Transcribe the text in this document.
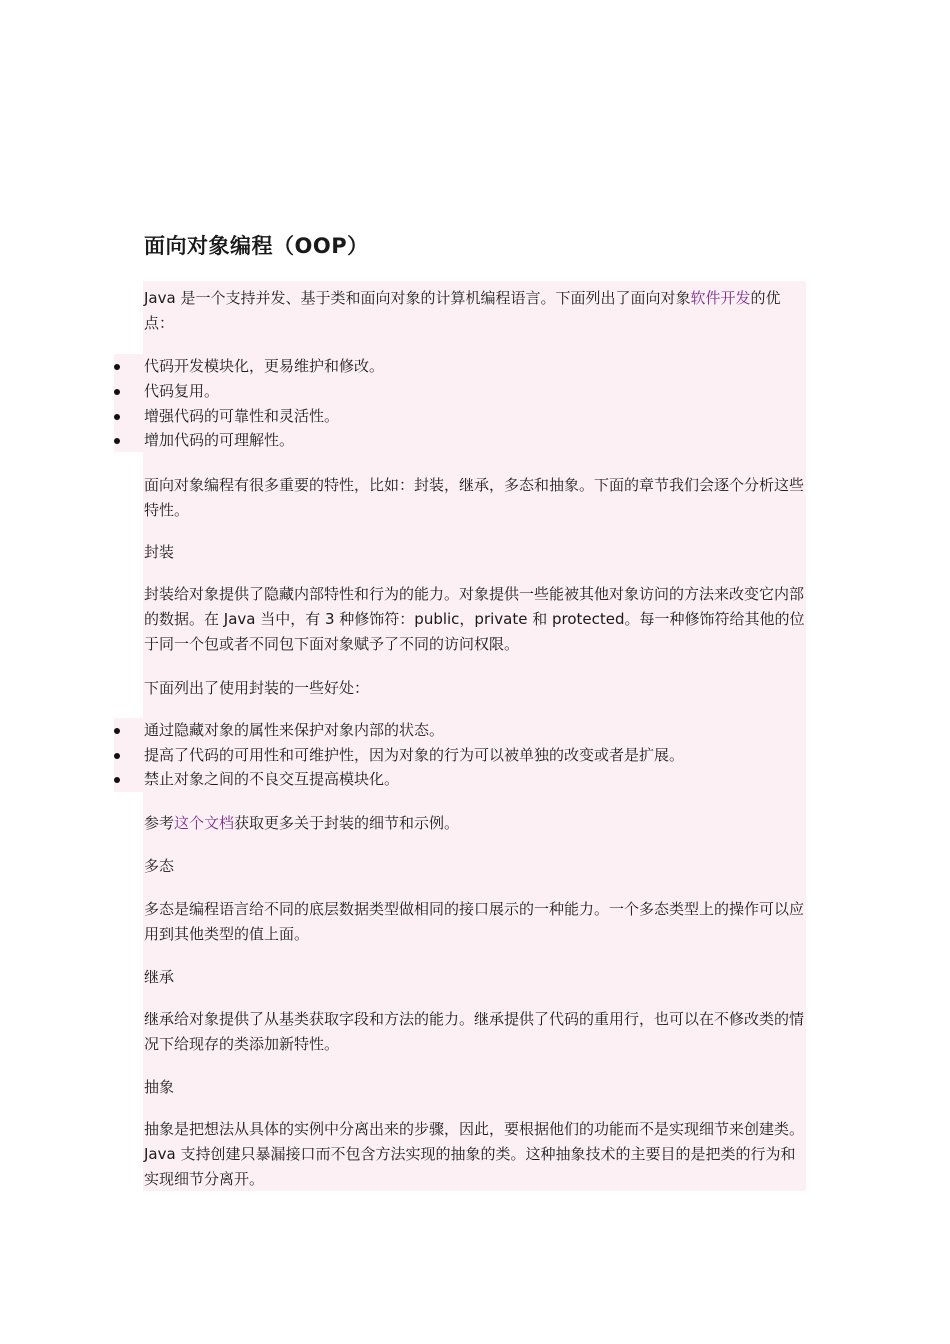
面向对象编程（OOP）

Java 是一个支持并发、基于类和面向对象的计算机编程语言。下面列出了面向对象软件开发的优点：

代码开发模块化，更易维护和修改。
代码复用。
增强代码的可靠性和灵活性。
增加代码的可理解性。

面向对象编程有很多重要的特性，比如：封装，继承，多态和抽象。下面的章节我们会逐个分析这些特性。

封装

封装给对象提供了隐藏内部特性和行为的能力。对象提供一些能被其他对象访问的方法来改变它内部的数据。在 Java 当中，有 3 种修饰符：public，private 和 protected。每一种修饰符给其他的位于同一个包或者不同包下面对象赋予了不同的访问权限。

下面列出了使用封装的一些好处：

通过隐藏对象的属性来保护对象内部的状态。
提高了代码的可用性和可维护性，因为对象的行为可以被单独的改变或者是扩展。
禁止对象之间的不良交互提高模块化。

参考这个文档获取更多关于封装的细节和示例。

多态

多态是编程语言给不同的底层数据类型做相同的接口展示的一种能力。一个多态类型上的操作可以应用到其他类型的值上面。

继承

继承给对象提供了从基类获取字段和方法的能力。继承提供了代码的重用行，也可以在不修改类的情况下给现存的类添加新特性。

抽象

抽象是把想法从具体的实例中分离出来的步骤，因此，要根据他们的功能而不是实现细节来创建类。Java 支持创建只暴漏接口而不包含方法实现的抽象的类。这种抽象技术的主要目的是把类的行为和实现细节分离开。
